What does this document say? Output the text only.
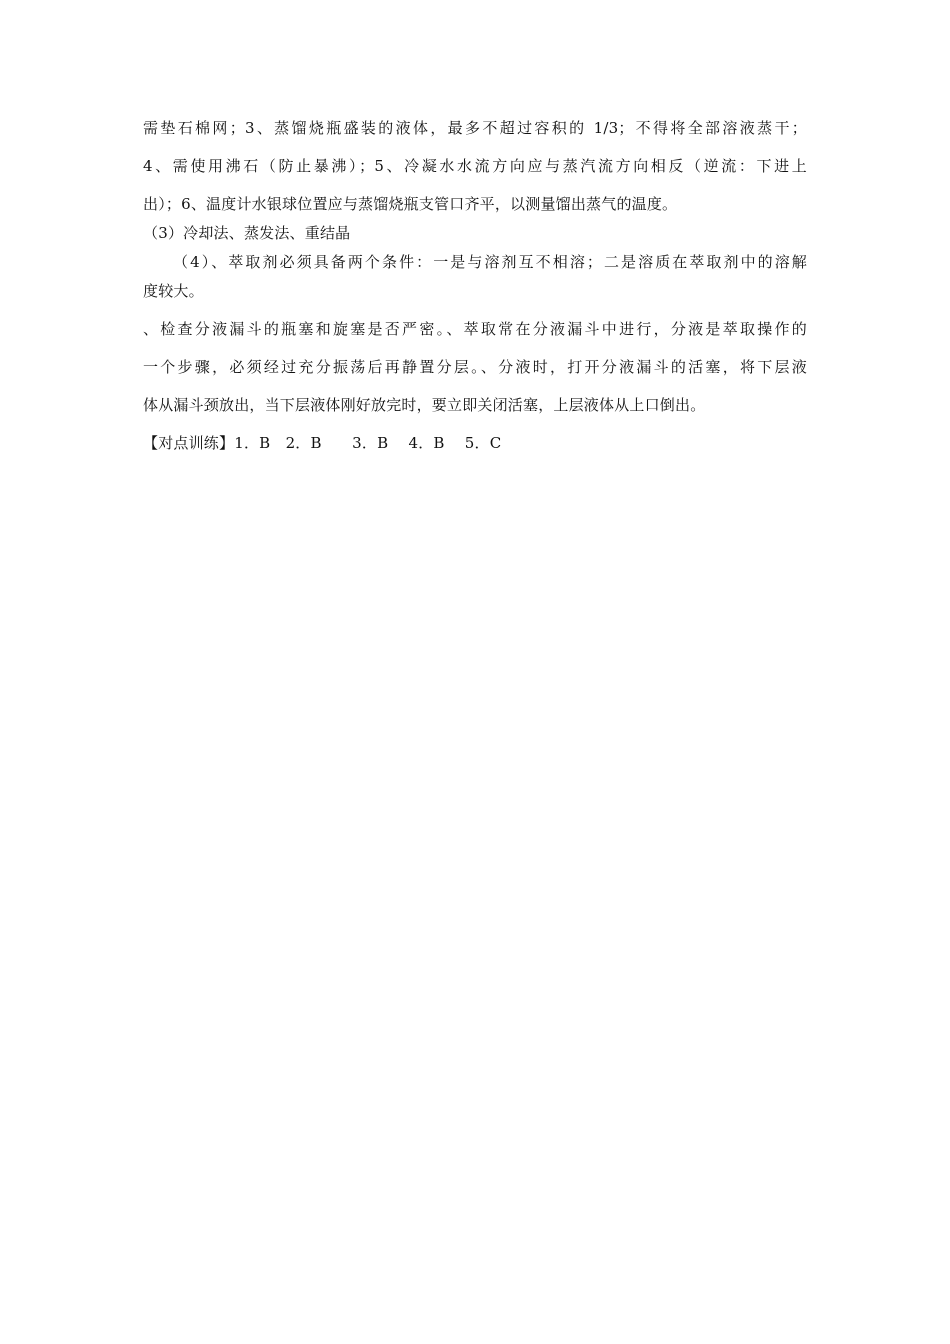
需垫石棉网；3、蒸馏烧瓶盛装的液体，最多不超过容积的 1/3；不得将全部溶液蒸干；
4、需使用沸石（防止暴沸）；5、冷凝水水流方向应与蒸汽流方向相反（逆流：下进上
出）；6、温度计水银球位置应与蒸馏烧瓶支管口齐平，以测量馏出蒸气的温度。
（3）冷却法、蒸发法、重结晶
（4）、萃取剂必须具备两个条件：一是与溶剂互不相溶；二是溶质在萃取剂中的溶解
度较大。
、检查分液漏斗的瓶塞和旋塞是否严密。、萃取常在分液漏斗中进行，分液是萃取操作的
一个步骤，必须经过充分振荡后再静置分层。、分液时，打开分液漏斗的活塞，将下层液
体从漏斗颈放出，当下层液体刚好放完时，要立即关闭活塞，上层液体从上口倒出。
【对点训练】1．B　2．B　　3．B　 4．B　 5．C
